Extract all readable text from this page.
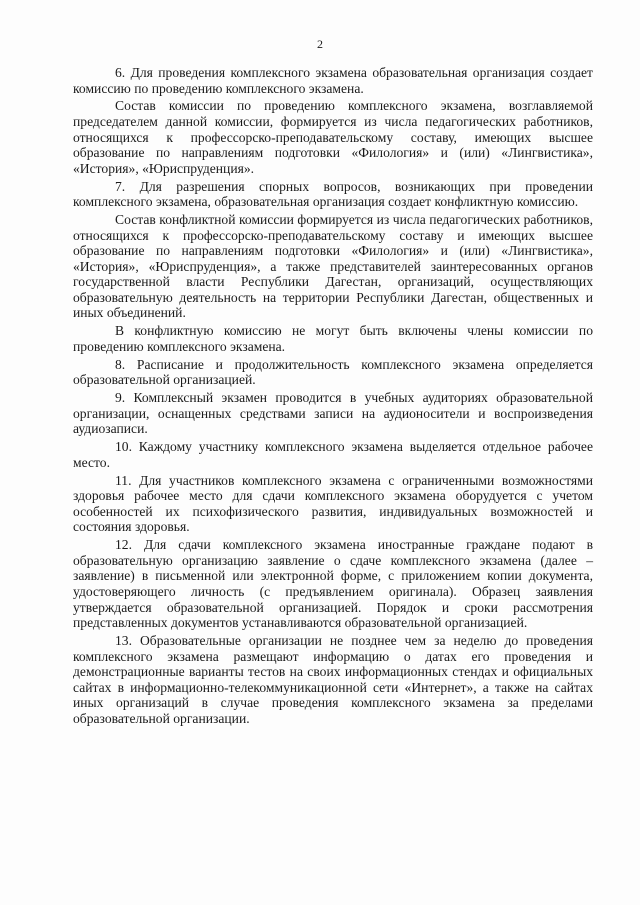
2

6. Для проведения комплексного экзамена образовательная организация создает комиссию по проведению комплексного экзамена.

Состав комиссии по проведению комплексного экзамена, возглавляемой председателем данной комиссии, формируется из числа педагогических работников, относящихся к профессорско-преподавательскому составу, имеющих высшее образование по направлениям подготовки «Филология» и (или) «Лингвистика», «История», «Юриспруденция».

7. Для разрешения спорных вопросов, возникающих при проведении комплексного экзамена, образовательная организация создает конфликтную комиссию.

Состав конфликтной комиссии формируется из числа педагогических работников, относящихся к профессорско-преподавательскому составу и имеющих высшее образование по направлениям подготовки «Филология» и (или) «Лингвистика», «История», «Юриспруденция», а также представителей заинтересованных органов государственной власти Республики Дагестан, организаций, осуществляющих образовательную деятельность на территории Республики Дагестан, общественных и иных объединений.

В конфликтную комиссию не могут быть включены члены комиссии по проведению комплексного экзамена.

8. Расписание и продолжительность комплексного экзамена определяется образовательной организацией.

9. Комплексный экзамен проводится в учебных аудиториях образовательной организации, оснащенных средствами записи на аудионосители и воспроизведения аудиозаписи.

10. Каждому участнику комплексного экзамена выделяется отдельное рабочее место.

11. Для участников комплексного экзамена с ограниченными возможностями здоровья рабочее место для сдачи комплексного экзамена оборудуется с учетом особенностей их психофизического развития, индивидуальных возможностей и состояния здоровья.

12. Для сдачи комплексного экзамена иностранные граждане подают в образовательную организацию заявление о сдаче комплексного экзамена (далее – заявление) в письменной или электронной форме, с приложением копии документа, удостоверяющего личность (с предъявлением оригинала). Образец заявления утверждается образовательной организацией. Порядок и сроки рассмотрения представленных документов устанавливаются образовательной организацией.

13. Образовательные организации не позднее чем за неделю до проведения комплексного экзамена размещают информацию о датах его проведения и демонстрационные варианты тестов на своих информационных стендах и официальных сайтах в информационно-телекоммуникационной сети «Интернет», а также на сайтах иных организаций в случае проведения комплексного экзамена за пределами образовательной организации.
